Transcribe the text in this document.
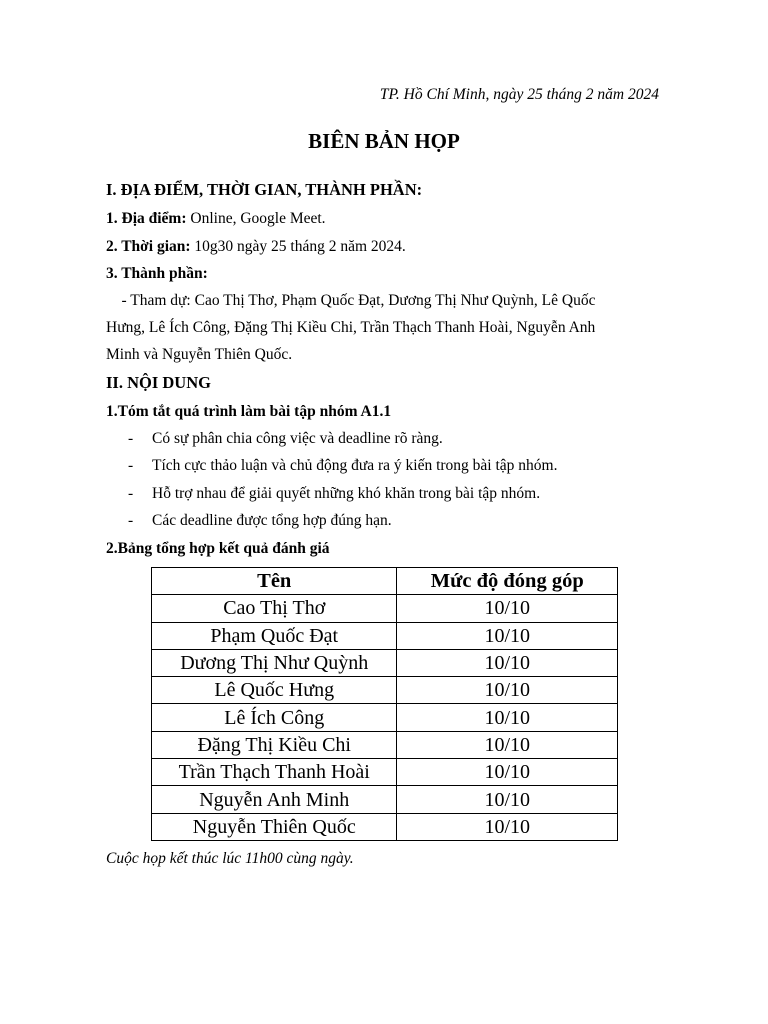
TP. Hồ Chí Minh, ngày 25 tháng 2 năm 2024
BIÊN BẢN HỌP
I. ĐỊA ĐIỂM, THỜI GIAN, THÀNH PHẦN:
1. Địa điểm: Online, Google Meet.
2. Thời gian: 10g30 ngày 25 tháng 2 năm 2024.
3. Thành phần:
- Tham dự: Cao Thị Thơ, Phạm Quốc Đạt, Dương Thị Như Quỳnh, Lê Quốc
Hưng, Lê Ích Công, Đặng Thị Kiều Chi, Trần Thạch Thanh Hoài, Nguyễn Anh
Minh và Nguyễn Thiên Quốc.
II. NỘI DUNG
1.Tóm tắt quá trình làm bài tập nhóm A1.1
- Có sự phân chia công việc và deadline rõ ràng.
- Tích cực thảo luận và chủ động đưa ra ý kiến trong bài tập nhóm.
- Hỗ trợ nhau để giải quyết những khó khăn trong bài tập nhóm.
- Các deadline được tổng hợp đúng hạn.
2.Bảng tổng hợp kết quả đánh giá
Tên	Mức độ đóng góp
Cao Thị Thơ	10/10
Phạm Quốc Đạt	10/10
Dương Thị Như Quỳnh	10/10
Lê Quốc Hưng	10/10
Lê Ích Công	10/10
Đặng Thị Kiều Chi	10/10
Trần Thạch Thanh Hoài	10/10
Nguyễn Anh Minh	10/10
Nguyễn Thiên Quốc	10/10
Cuộc họp kết thúc lúc 11h00 cùng ngày.
